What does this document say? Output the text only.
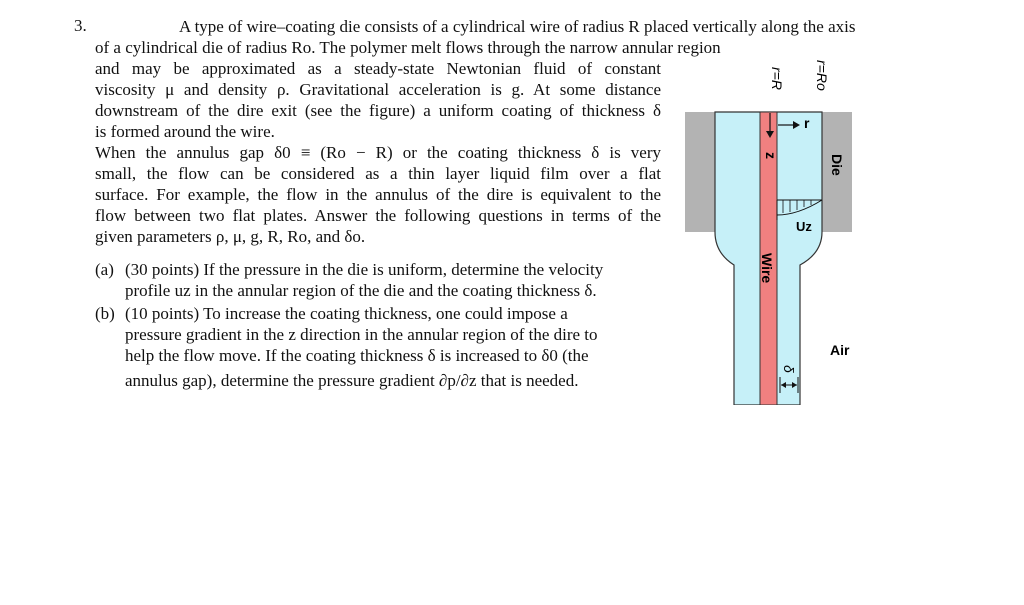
3.	A type of wire–coating die consists of a cylindrical wire of radius R placed vertically along the axis of a cylindrical die of radius Ro. The polymer melt flows through the narrow annular region

and may be approximated as a steady-state Newtonian fluid of constant

viscosity μ and density ρ. Gravitational acceleration is g. At some distance

downstream of the dire exit (see the figure) a uniform coating of thickness δ

is formed around the wire.

When the annulus gap δ0 ≡ (Ro − R) or the coating thickness δ is very

small, the flow can be considered as a thin layer liquid film over a flat

surface. For example, the flow in the annulus of the dire is equivalent to the

flow between two flat plates. Answer the following questions in terms of the

given parameters ρ, μ, g, R, Ro, and δo.

(a) (30 points) If the pressure in the die is uniform, determine the velocity
profile uz in the annular region of the die and the coating thickness δ.
(b) (10 points) To increase the coating thickness, one could impose a
pressure gradient in the z direction in the annular region of the dire to
help the flow move. If the coating thickness δ is increased to δ0 (the
annulus gap), determine the pressure gradient ∂p/∂z that is needed.
r=R r=Ro
r
z	Die
Uz
Wire
Air
δ
